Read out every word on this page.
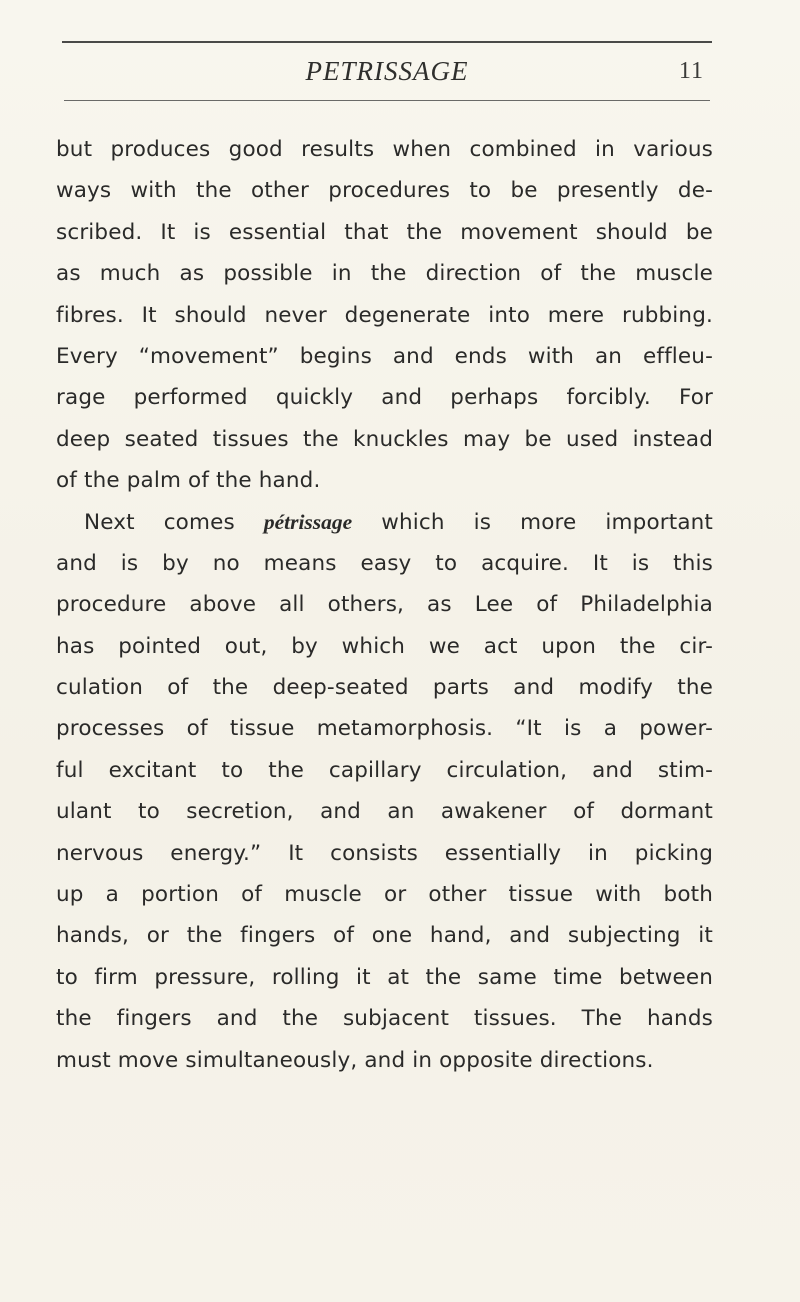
PETRISSAGE	11
but produces good results when combined in various
ways with the other procedures to be presently de-
scribed. It is essential that the movement should be
as much as possible in the direction of the muscle
fibres. It should never degenerate into mere rubbing.
Every “movement” begins and ends with an effleu-
rage performed quickly and perhaps forcibly. For
deep seated tissues the knuckles may be used instead
of the palm of the hand.
Next comes pétrissage which is more important
and is by no means easy to acquire. It is this
procedure above all others, as Lee of Philadelphia
has pointed out, by which we act upon the cir-
culation of the deep-seated parts and modify the
processes of tissue metamorphosis. “It is a power-
ful excitant to the capillary circulation, and stim-
ulant to secretion, and an awakener of dormant
nervous energy.” It consists essentially in picking
up a portion of muscle or other tissue with both
hands, or the fingers of one hand, and subjecting it
to firm pressure, rolling it at the same time between
the fingers and the subjacent tissues. The hands
must move simultaneously, and in opposite directions.
